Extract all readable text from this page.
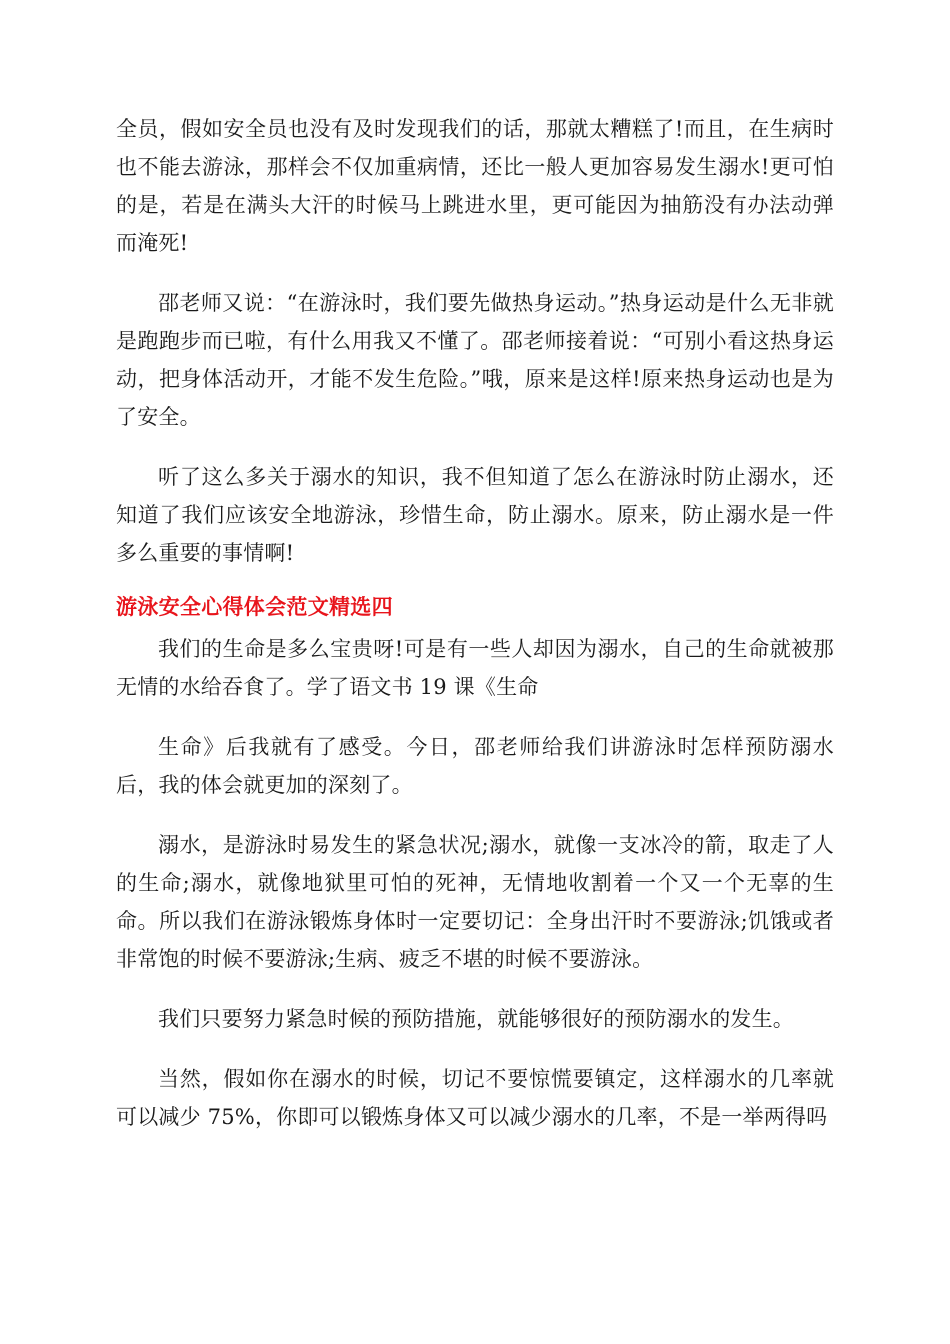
全员，假如安全员也没有及时发现我们的话，那就太糟糕了!而且，在生病时也不能去游泳，那样会不仅加重病情，还比一般人更加容易发生溺水!更可怕的是，若是在满头大汗的时候马上跳进水里，更可能因为抽筋没有办法动弹而淹死!

邵老师又说：“在游泳时，我们要先做热身运动。”热身运动是什么无非就是跑跑步而已啦，有什么用我又不懂了。邵老师接着说：“可别小看这热身运动，把身体活动开，才能不发生危险。”哦，原来是这样!原来热身运动也是为了安全。

听了这么多关于溺水的知识，我不但知道了怎么在游泳时防止溺水，还知道了我们应该安全地游泳，珍惜生命，防止溺水。原来，防止溺水是一件多么重要的事情啊!

游泳安全心得体会范文精选四

我们的生命是多么宝贵呀!可是有一些人却因为溺水，自己的生命就被那无情的水给吞食了。学了语文书 19 课《生命

生命》后我就有了感受。今日，邵老师给我们讲游泳时怎样预防溺水后，我的体会就更加的深刻了。

溺水，是游泳时易发生的紧急状况;溺水，就像一支冰冷的箭，取走了人的生命;溺水，就像地狱里可怕的死神，无情地收割着一个又一个无辜的生命。所以我们在游泳锻炼身体时一定要切记：全身出汗时不要游泳;饥饿或者非常饱的时候不要游泳;生病、疲乏不堪的时候不要游泳。

我们只要努力紧急时候的预防措施，就能够很好的预防溺水的发生。

当然，假如你在溺水的时候，切记不要惊慌要镇定，这样溺水的几率就可以减少 75%，你即可以锻炼身体又可以减少溺水的几率，不是一举两得吗
